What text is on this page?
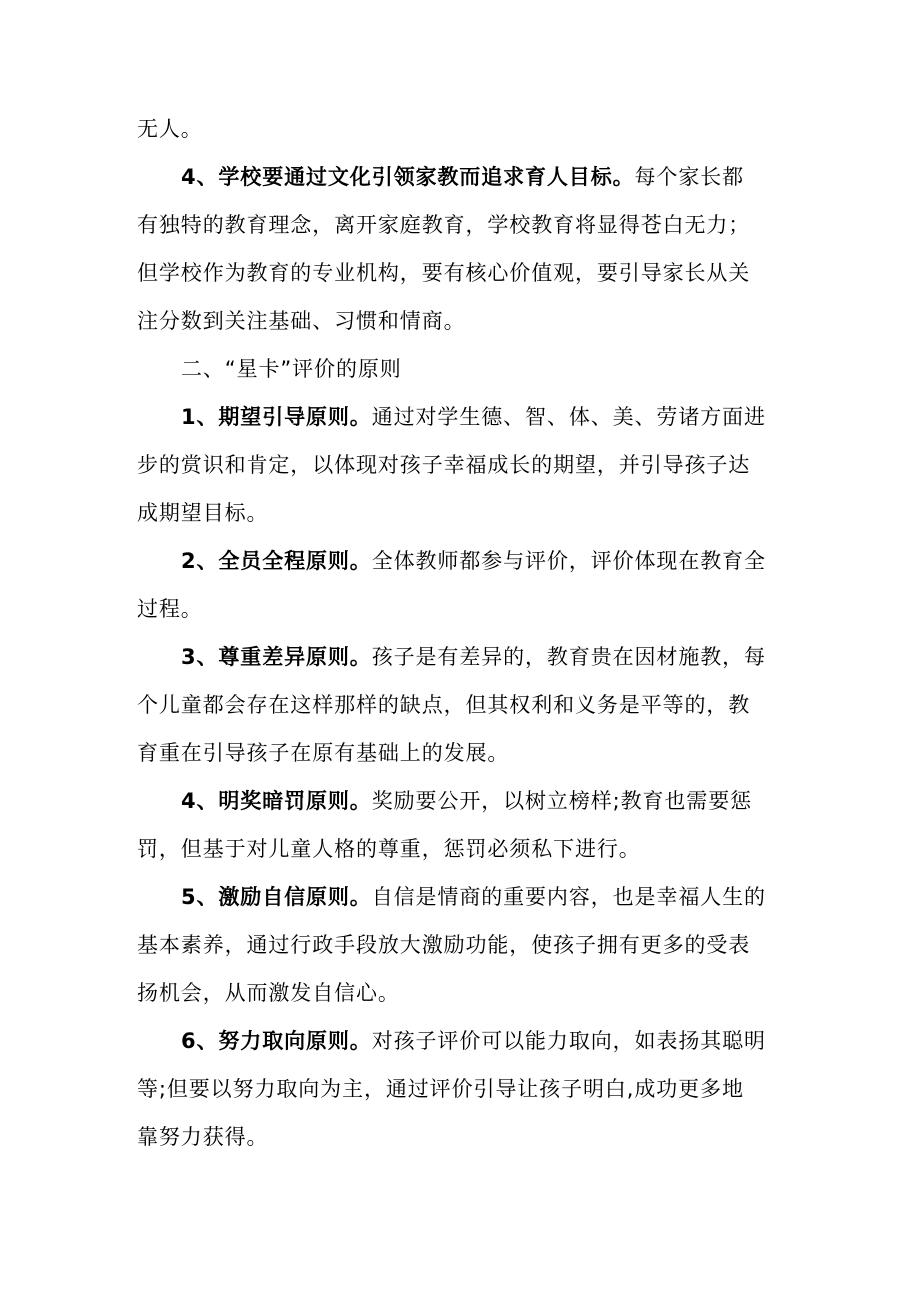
无人。

4、学校要通过文化引领家教而追求育人目标。每个家长都
有独特的教育理念，离开家庭教育，学校教育将显得苍白无力；
但学校作为教育的专业机构，要有核心价值观，要引导家长从关
注分数到关注基础、习惯和情商。

二、“星卡”评价的原则

1、期望引导原则。通过对学生德、智、体、美、劳诸方面进
步的赏识和肯定，以体现对孩子幸福成长的期望，并引导孩子达
成期望目标。

2、全员全程原则。全体教师都参与评价，评价体现在教育全
过程。

3、尊重差异原则。孩子是有差异的，教育贵在因材施教，每
个儿童都会存在这样那样的缺点，但其权利和义务是平等的，教
育重在引导孩子在原有基础上的发展。

4、明奖暗罚原则。奖励要公开，以树立榜样;教育也需要惩
罚，但基于对儿童人格的尊重，惩罚必须私下进行。

5、激励自信原则。自信是情商的重要内容，也是幸福人生的
基本素养，通过行政手段放大激励功能，使孩子拥有更多的受表
扬机会，从而激发自信心。

6、努力取向原则。对孩子评价可以能力取向，如表扬其聪明
等;但要以努力取向为主，通过评价引导让孩子明白,成功更多地
靠努力获得。
